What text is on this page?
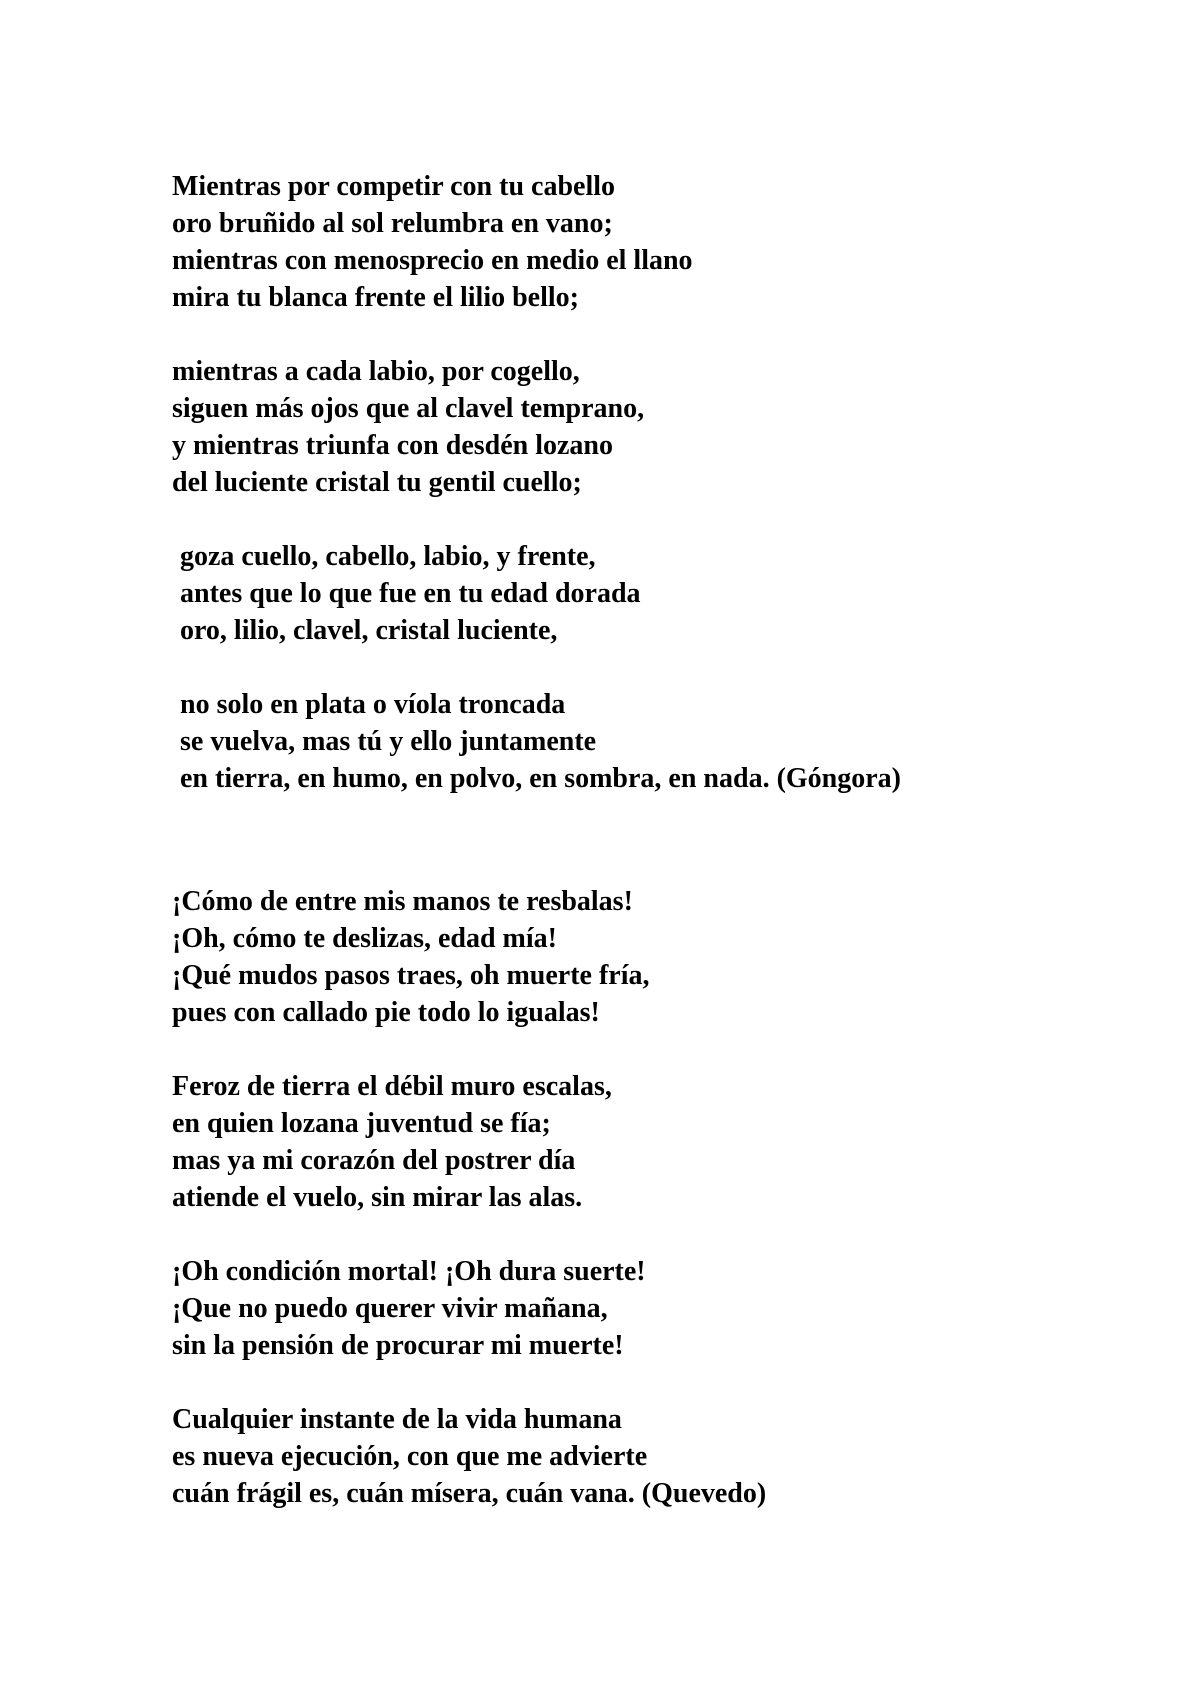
Mientras por competir con tu cabello
oro bruñido al sol relumbra en vano;
mientras con menosprecio en medio el llano
mira tu blanca frente el lilio bello;
mientras a cada labio, por cogello,
siguen más ojos que al clavel temprano,
y mientras triunfa con desdén lozano
del luciente cristal tu gentil cuello;
goza cuello, cabello, labio, y frente,
antes que lo que fue en tu edad dorada
oro, lilio, clavel, cristal luciente,
no solo en plata o víola troncada
se vuelva, mas tú y ello juntamente
en tierra, en humo, en polvo, en sombra, en nada. (Góngora)
¡Cómo de entre mis manos te resbalas!
¡Oh, cómo te deslizas, edad mía!
¡Qué mudos pasos traes, oh muerte fría,
pues con callado pie todo lo igualas!
Feroz de tierra el débil muro escalas,
en quien lozana juventud se fía;
mas ya mi corazón del postrer día
atiende el vuelo, sin mirar las alas.
¡Oh condición mortal! ¡Oh dura suerte!
¡Que no puedo querer vivir mañana,
sin la pensión de procurar mi muerte!
Cualquier instante de la vida humana
es nueva ejecución, con que me advierte
cuán frágil es, cuán mísera, cuán vana. (Quevedo)
